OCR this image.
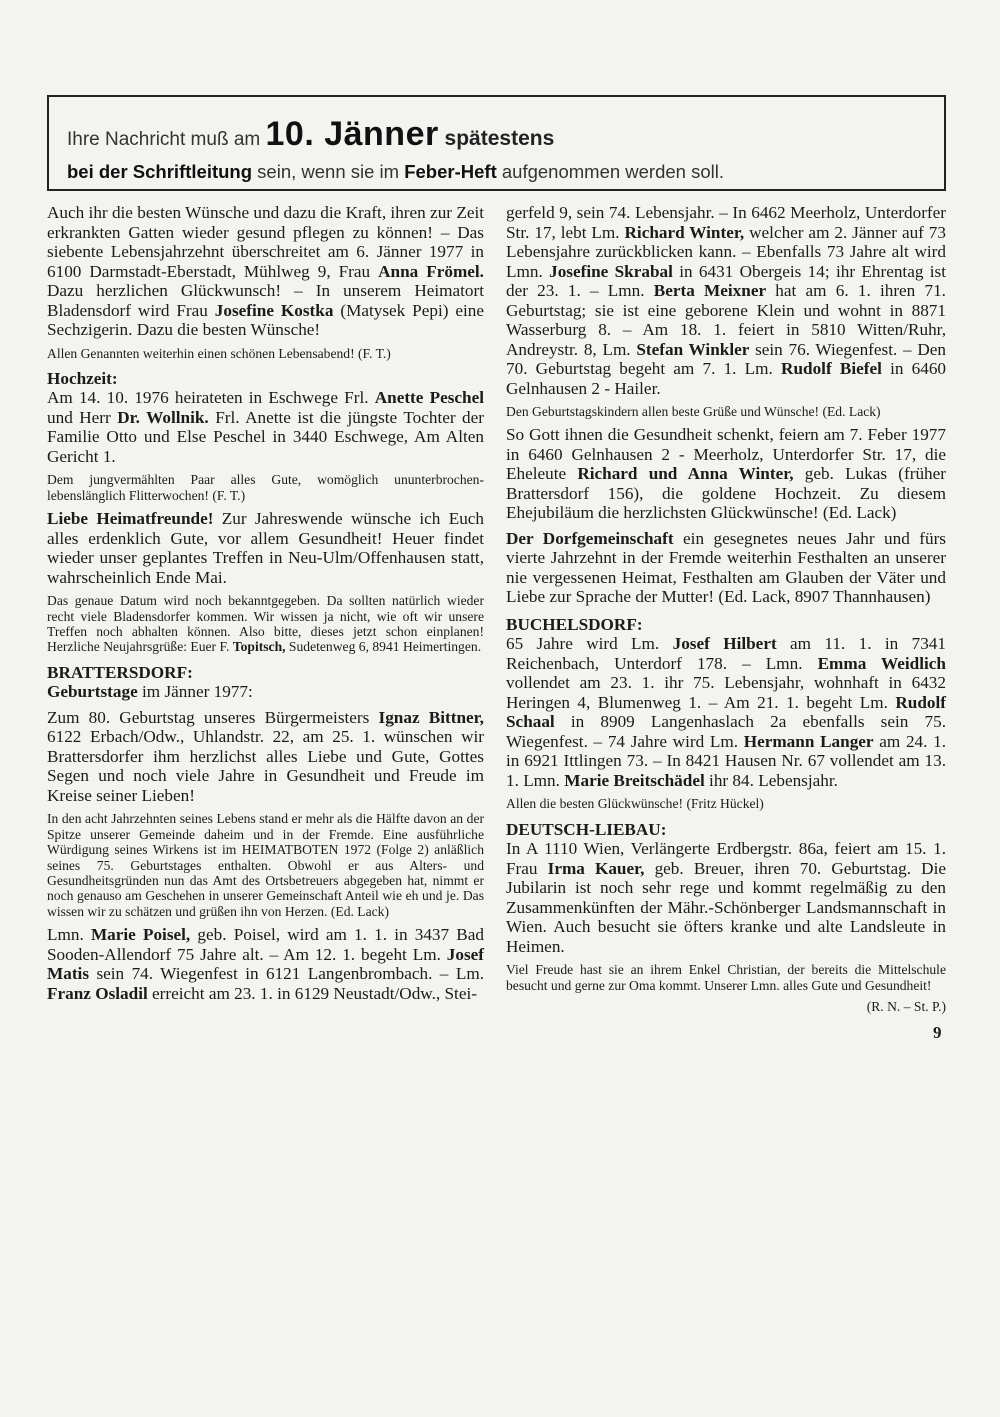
Ihre Nachricht muß am 10. Jänner spätestens
bei der Schriftleitung sein, wenn sie im Feber-Heft aufgenommen werden soll.

Auch ihr die besten Wünsche und dazu die Kraft, ihren zur Zeit erkrankten Gatten wieder gesund pflegen zu können! – Das siebente Lebensjahrzehnt überschreitet am 6. Jänner 1977 in 6100 Darmstadt-Eberstadt, Mühlweg 9, Frau Anna Frömel. Dazu herzlichen Glückwunsch! – In unserem Heimatort Bladensdorf wird Frau Josefine Kostka (Matysek Pepi) eine Sechzigerin. Dazu die besten Wünsche!

Allen Genannten weiterhin einen schönen Lebensabend! (F. T.)

Hochzeit:

Am 14. 10. 1976 heirateten in Eschwege Frl. Anette Peschel und Herr Dr. Wollnik. Frl. Anette ist die jüngste Tochter der Familie Otto und Else Peschel in 3440 Eschwege, Am Alten Gericht 1.

Dem jungvermählten Paar alles Gute, womöglich ununterbrochen-lebenslänglich Flitterwochen! (F. T.)

Liebe Heimatfreunde! Zur Jahreswende wünsche ich Euch alles erdenklich Gute, vor allem Gesundheit! Heuer findet wieder unser geplantes Treffen in Neu-Ulm/Offenhausen statt, wahrscheinlich Ende Mai.

Das genaue Datum wird noch bekanntgegeben. Da sollten natürlich wieder recht viele Bladensdorfer kommen. Wir wissen ja nicht, wie oft wir unsere Treffen noch abhalten können. Also bitte, dieses jetzt schon einplanen! Herzliche Neujahrsgrüße: Euer F. Topitsch, Sudetenweg 6, 8941 Heimertingen.

BRATTERSDORF:

Geburtstage im Jänner 1977:

Zum 80. Geburtstag unseres Bürgermeisters Ignaz Bittner, 6122 Erbach/Odw., Uhlandstr. 22, am 25. 1. wünschen wir Brattersdorfer ihm herzlichst alles Liebe und Gute, Gottes Segen und noch viele Jahre in Gesundheit und Freude im Kreise seiner Lieben!

In den acht Jahrzehnten seines Lebens stand er mehr als die Hälfte davon an der Spitze unserer Gemeinde daheim und in der Fremde. Eine ausführliche Würdigung seines Wirkens ist im HEIMATBOTEN 1972 (Folge 2) anläßlich seines 75. Geburtstages enthalten. Obwohl er aus Alters- und Gesundheitsgründen nun das Amt des Ortsbetreuers abgegeben hat, nimmt er noch genauso am Geschehen in unserer Gemeinschaft Anteil wie eh und je. Das wissen wir zu schätzen und grüßen ihn von Herzen. (Ed. Lack)

Lmn. Marie Poisel, geb. Poisel, wird am 1. 1. in 3437 Bad Sooden-Allendorf 75 Jahre alt. – Am 12. 1. begeht Lm. Josef Matis sein 74. Wiegenfest in 6121 Langenbrombach. – Lm. Franz Osladil erreicht am 23. 1. in 6129 Neustadt/Odw., Stei-

gerfeld 9, sein 74. Lebensjahr. – In 6462 Meerholz, Unterdorfer Str. 17, lebt Lm. Richard Winter, welcher am 2. Jänner auf 73 Lebensjahre zurückblicken kann. – Ebenfalls 73 Jahre alt wird Lmn. Josefine Skrabal in 6431 Obergeis 14; ihr Ehrentag ist der 23. 1. – Lmn. Berta Meixner hat am 6. 1. ihren 71. Geburtstag; sie ist eine geborene Klein und wohnt in 8871 Wasserburg 8. – Am 18. 1. feiert in 5810 Witten/Ruhr, Andreystr. 8, Lm. Stefan Winkler sein 76. Wiegenfest. – Den 70. Geburtstag begeht am 7. 1. Lm. Rudolf Biefel in 6460 Gelnhausen 2 - Hailer.

Den Geburtstagskindern allen beste Grüße und Wünsche! (Ed. Lack)

So Gott ihnen die Gesundheit schenkt, feiern am 7. Feber 1977 in 6460 Gelnhausen 2 - Meerholz, Unterdorfer Str. 17, die Eheleute Richard und Anna Winter, geb. Lukas (früher Brattersdorf 156), die goldene Hochzeit. Zu diesem Ehejubiläum die herzlichsten Glückwünsche! (Ed. Lack)

Der Dorfgemeinschaft ein gesegnetes neues Jahr und fürs vierte Jahrzehnt in der Fremde weiterhin Festhalten an unserer nie vergessenen Heimat, Festhalten am Glauben der Väter und Liebe zur Sprache der Mutter! (Ed. Lack, 8907 Thannhausen)

BUCHELSDORF:

65 Jahre wird Lm. Josef Hilbert am 11. 1. in 7341 Reichenbach, Unterdorf 178. – Lmn. Emma Weidlich vollendet am 23. 1. ihr 75. Lebensjahr, wohnhaft in 6432 Heringen 4, Blumenweg 1. – Am 21. 1. begeht Lm. Rudolf Schaal in 8909 Langenhaslach 2a ebenfalls sein 75. Wiegenfest. – 74 Jahre wird Lm. Hermann Langer am 24. 1. in 6921 Ittlingen 73. – In 8421 Hausen Nr. 67 vollendet am 13. 1. Lmn. Marie Breitschädel ihr 84. Lebensjahr.

Allen die besten Glückwünsche! (Fritz Hückel)

DEUTSCH-LIEBAU:

In A 1110 Wien, Verlängerte Erdbergstr. 86a, feiert am 15. 1. Frau Irma Kauer, geb. Breuer, ihren 70. Geburtstag. Die Jubilarin ist noch sehr rege und kommt regelmäßig zu den Zusammenkünften der Mähr.-Schönberger Landsmannschaft in Wien. Auch besucht sie öfters kranke und alte Landsleute in Heimen.

Viel Freude hast sie an ihrem Enkel Christian, der bereits die Mittelschule besucht und gerne zur Oma kommt. Unserer Lmn. alles Gute und Gesundheit!

(R. N. – St. P.)

9
